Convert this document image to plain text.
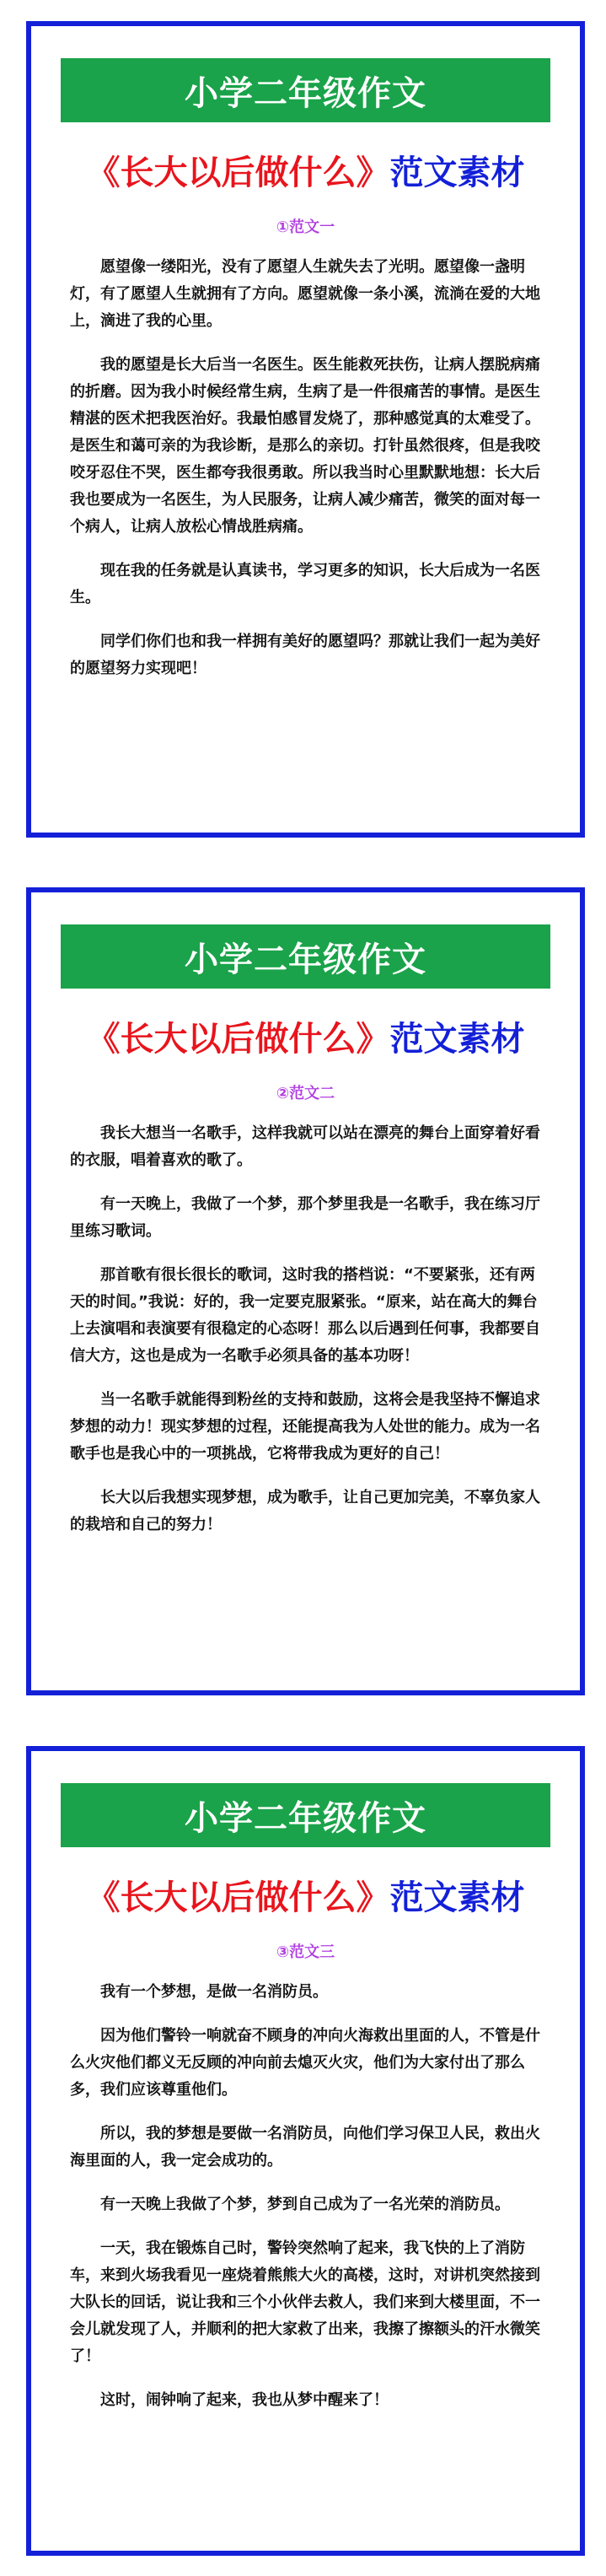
小学二年级作文
《长大以后做什么》 范文素材
①范文一

愿望像一缕阳光，没有了愿望人生就失去了光明。愿望像一盏明灯，有了愿望人生就拥有了方向。愿望就像一条小溪，流淌在爱的大地上，滴进了我的心里。

我的愿望是长大后当一名医生。医生能救死扶伤，让病人摆脱病痛的折磨。因为我小时候经常生病，生病了是一件很痛苦的事情。是医生精湛的医术把我医治好。我最怕感冒发烧了，那种感觉真的太难受了。是医生和蔼可亲的为我诊断，是那么的亲切。打针虽然很疼，但是我咬咬牙忍住不哭，医生都夸我很勇敢。所以我当时心里默默地想：长大后我也要成为一名医生，为人民服务，让病人减少痛苦，微笑的面对每一个病人，让病人放松心情战胜病痛。

现在我的任务就是认真读书，学习更多的知识，长大后成为一名医生。

同学们你们也和我一样拥有美好的愿望吗？那就让我们一起为美好的愿望努力实现吧！

小学二年级作文
《长大以后做什么》 范文素材
②范文二

我长大想当一名歌手，这样我就可以站在漂亮的舞台上面穿着好看的衣服，唱着喜欢的歌了。

有一天晚上，我做了一个梦，那个梦里我是一名歌手，我在练习厅里练习歌词。

那首歌有很长很长的歌词，这时我的搭档说：“不要紧张，还有两天的时间。”我说：好的，我一定要克服紧张。“原来，站在高大的舞台上去演唱和表演要有很稳定的心态呀！那么以后遇到任何事，我都要自信大方，这也是成为一名歌手必须具备的基本功呀！

当一名歌手就能得到粉丝的支持和鼓励，这将会是我坚持不懈追求梦想的动力！现实梦想的过程，还能提高我为人处世的能力。成为一名歌手也是我心中的一项挑战，它将带我成为更好的自己！

长大以后我想实现梦想，成为歌手，让自己更加完美，不辜负家人的栽培和自己的努力！

小学二年级作文
《长大以后做什么》 范文素材
③范文三

我有一个梦想，是做一名消防员。

因为他们警铃一响就奋不顾身的冲向火海救出里面的人，不管是什么火灾他们都义无反顾的冲向前去熄灭火灾，他们为大家付出了那么多，我们应该尊重他们。

所以，我的梦想是要做一名消防员，向他们学习保卫人民，救出火海里面的人，我一定会成功的。

有一天晚上我做了个梦，梦到自己成为了一名光荣的消防员。

一天，我在锻炼自己时，警铃突然响了起来，我飞快的上了消防车，来到火场我看见一座烧着熊熊大火的高楼，这时，对讲机突然接到大队长的回话，说让我和三个小伙伴去救人，我们来到大楼里面，不一会儿就发现了人，并顺利的把大家救了出来，我擦了擦额头的汗水微笑了！

这时，闹钟响了起来，我也从梦中醒来了！
